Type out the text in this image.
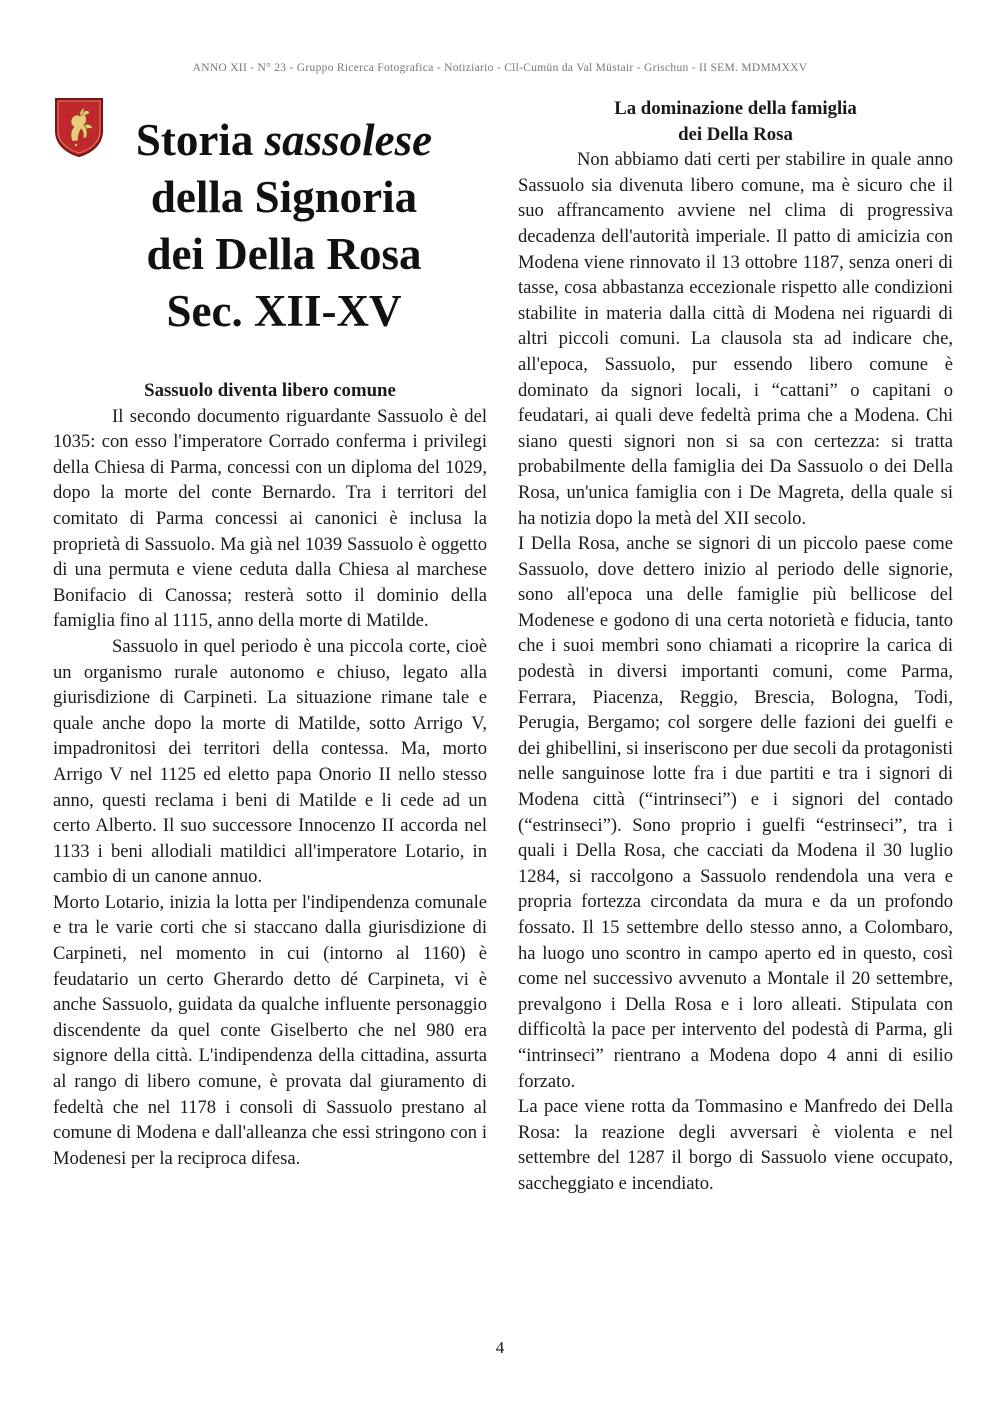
ANNO XII - N° 23 - Gruppo Ricerca Fotografica - Notiziario - Cll-Cumün da Val Müstair - Grischun - II SEM. MDMMXXV
Storia sassolese
della Signoria
dei Della Rosa
Sec. XII-XV
Sassuolo diventa libero comune

Il secondo documento riguardante Sassuolo è del 1035: con esso l'imperatore Corrado conferma i privilegi della Chiesa di Parma, concessi con un diploma del 1029, dopo la morte del conte Bernardo. Tra i territori del comitato di Parma concessi ai canonici è inclusa la proprietà di Sassuolo. Ma già nel 1039 Sassuolo è oggetto di una permuta e viene ceduta dalla Chiesa al marchese Bonifacio di Canossa; resterà sotto il dominio della famiglia fino al 1115, anno della morte di Matilde.

Sassuolo in quel periodo è una piccola corte, cioè un organismo rurale autonomo e chiuso, legato alla giurisdizione di Carpineti. La situazione rimane tale e quale anche dopo la morte di Matilde, sotto Arrigo V, impadronitosi dei territori della contessa. Ma, morto Arrigo V nel 1125 ed eletto papa Onorio II nello stesso anno, questi reclama i beni di Matilde e li cede ad un certo Alberto. Il suo successore Innocenzo II accorda nel 1133 i beni allodiali matildici all'imperatore Lotario, in cambio di un canone annuo.

Morto Lotario, inizia la lotta per l'indipendenza comunale e tra le varie corti che si staccano dalla giurisdizione di Carpineti, nel momento in cui (intorno al 1160) è feudatario un certo Gherardo detto dé Carpineta, vi è anche Sassuolo, guidata da qualche influente personaggio discendente da quel conte Giselberto che nel 980 era signore della città. L'indipendenza della cittadina, assurta al rango di libero comune, è provata dal giuramento di fedeltà che nel 1178 i consoli di Sassuolo prestano al comune di Modena e dall'alleanza che essi stringono con i Modenesi per la reciproca difesa.

La dominazione della famiglia
dei Della Rosa

Non abbiamo dati certi per stabilire in quale anno Sassuolo sia divenuta libero comune, ma è sicuro che il suo affrancamento avviene nel clima di progressiva decadenza dell'autorità imperiale. Il patto di amicizia con Modena viene rinnovato il 13 ottobre 1187, senza oneri di tasse, cosa abbastanza eccezionale rispetto alle condizioni stabilite in materia dalla città di Modena nei riguardi di altri piccoli comuni. La clausola sta ad indicare che, all'epoca, Sassuolo, pur essendo libero comune è dominato da signori locali, i “cattani” o capitani o feudatari, ai quali deve fedeltà prima che a Modena. Chi siano questi signori non si sa con certezza: si tratta probabilmente della famiglia dei Da Sassuolo o dei Della Rosa, un'unica famiglia con i De Magreta, della quale si ha notizia dopo la metà del XII secolo.

I Della Rosa, anche se signori di un piccolo paese come Sassuolo, dove dettero inizio al periodo delle signorie, sono all'epoca una delle famiglie più bellicose del Modenese e godono di una certa notorietà e fiducia, tanto che i suoi membri sono chiamati a ricoprire la carica di podestà in diversi importanti comuni, come Parma, Ferrara, Piacenza, Reggio, Brescia, Bologna, Todi, Perugia, Bergamo; col sorgere delle fazioni dei guelfi e dei ghibellini, si inseriscono per due secoli da protagonisti nelle sanguinose lotte fra i due partiti e tra i signori di Modena città (“intrinseci”) e i signori del contado (“estrinseci”). Sono proprio i guelfi “estrinseci”, tra i quali i Della Rosa, che cacciati da Modena il 30 luglio 1284, si raccolgono a Sassuolo rendendola una vera e propria fortezza circondata da mura e da un profondo fossato. Il 15 settembre dello stesso anno, a Colombaro, ha luogo uno scontro in campo aperto ed in questo, così come nel successivo avvenuto a Montale il 20 settembre, prevalgono i Della Rosa e i loro alleati. Stipulata con difficoltà la pace per intervento del podestà di Parma, gli “intrinseci” rientrano a Modena dopo 4 anni di esilio forzato.

La pace viene rotta da Tommasino e Manfredo dei Della Rosa: la reazione degli avversari è violenta e nel settembre del 1287 il borgo di Sassuolo viene occupato, saccheggiato e incendiato.

4
